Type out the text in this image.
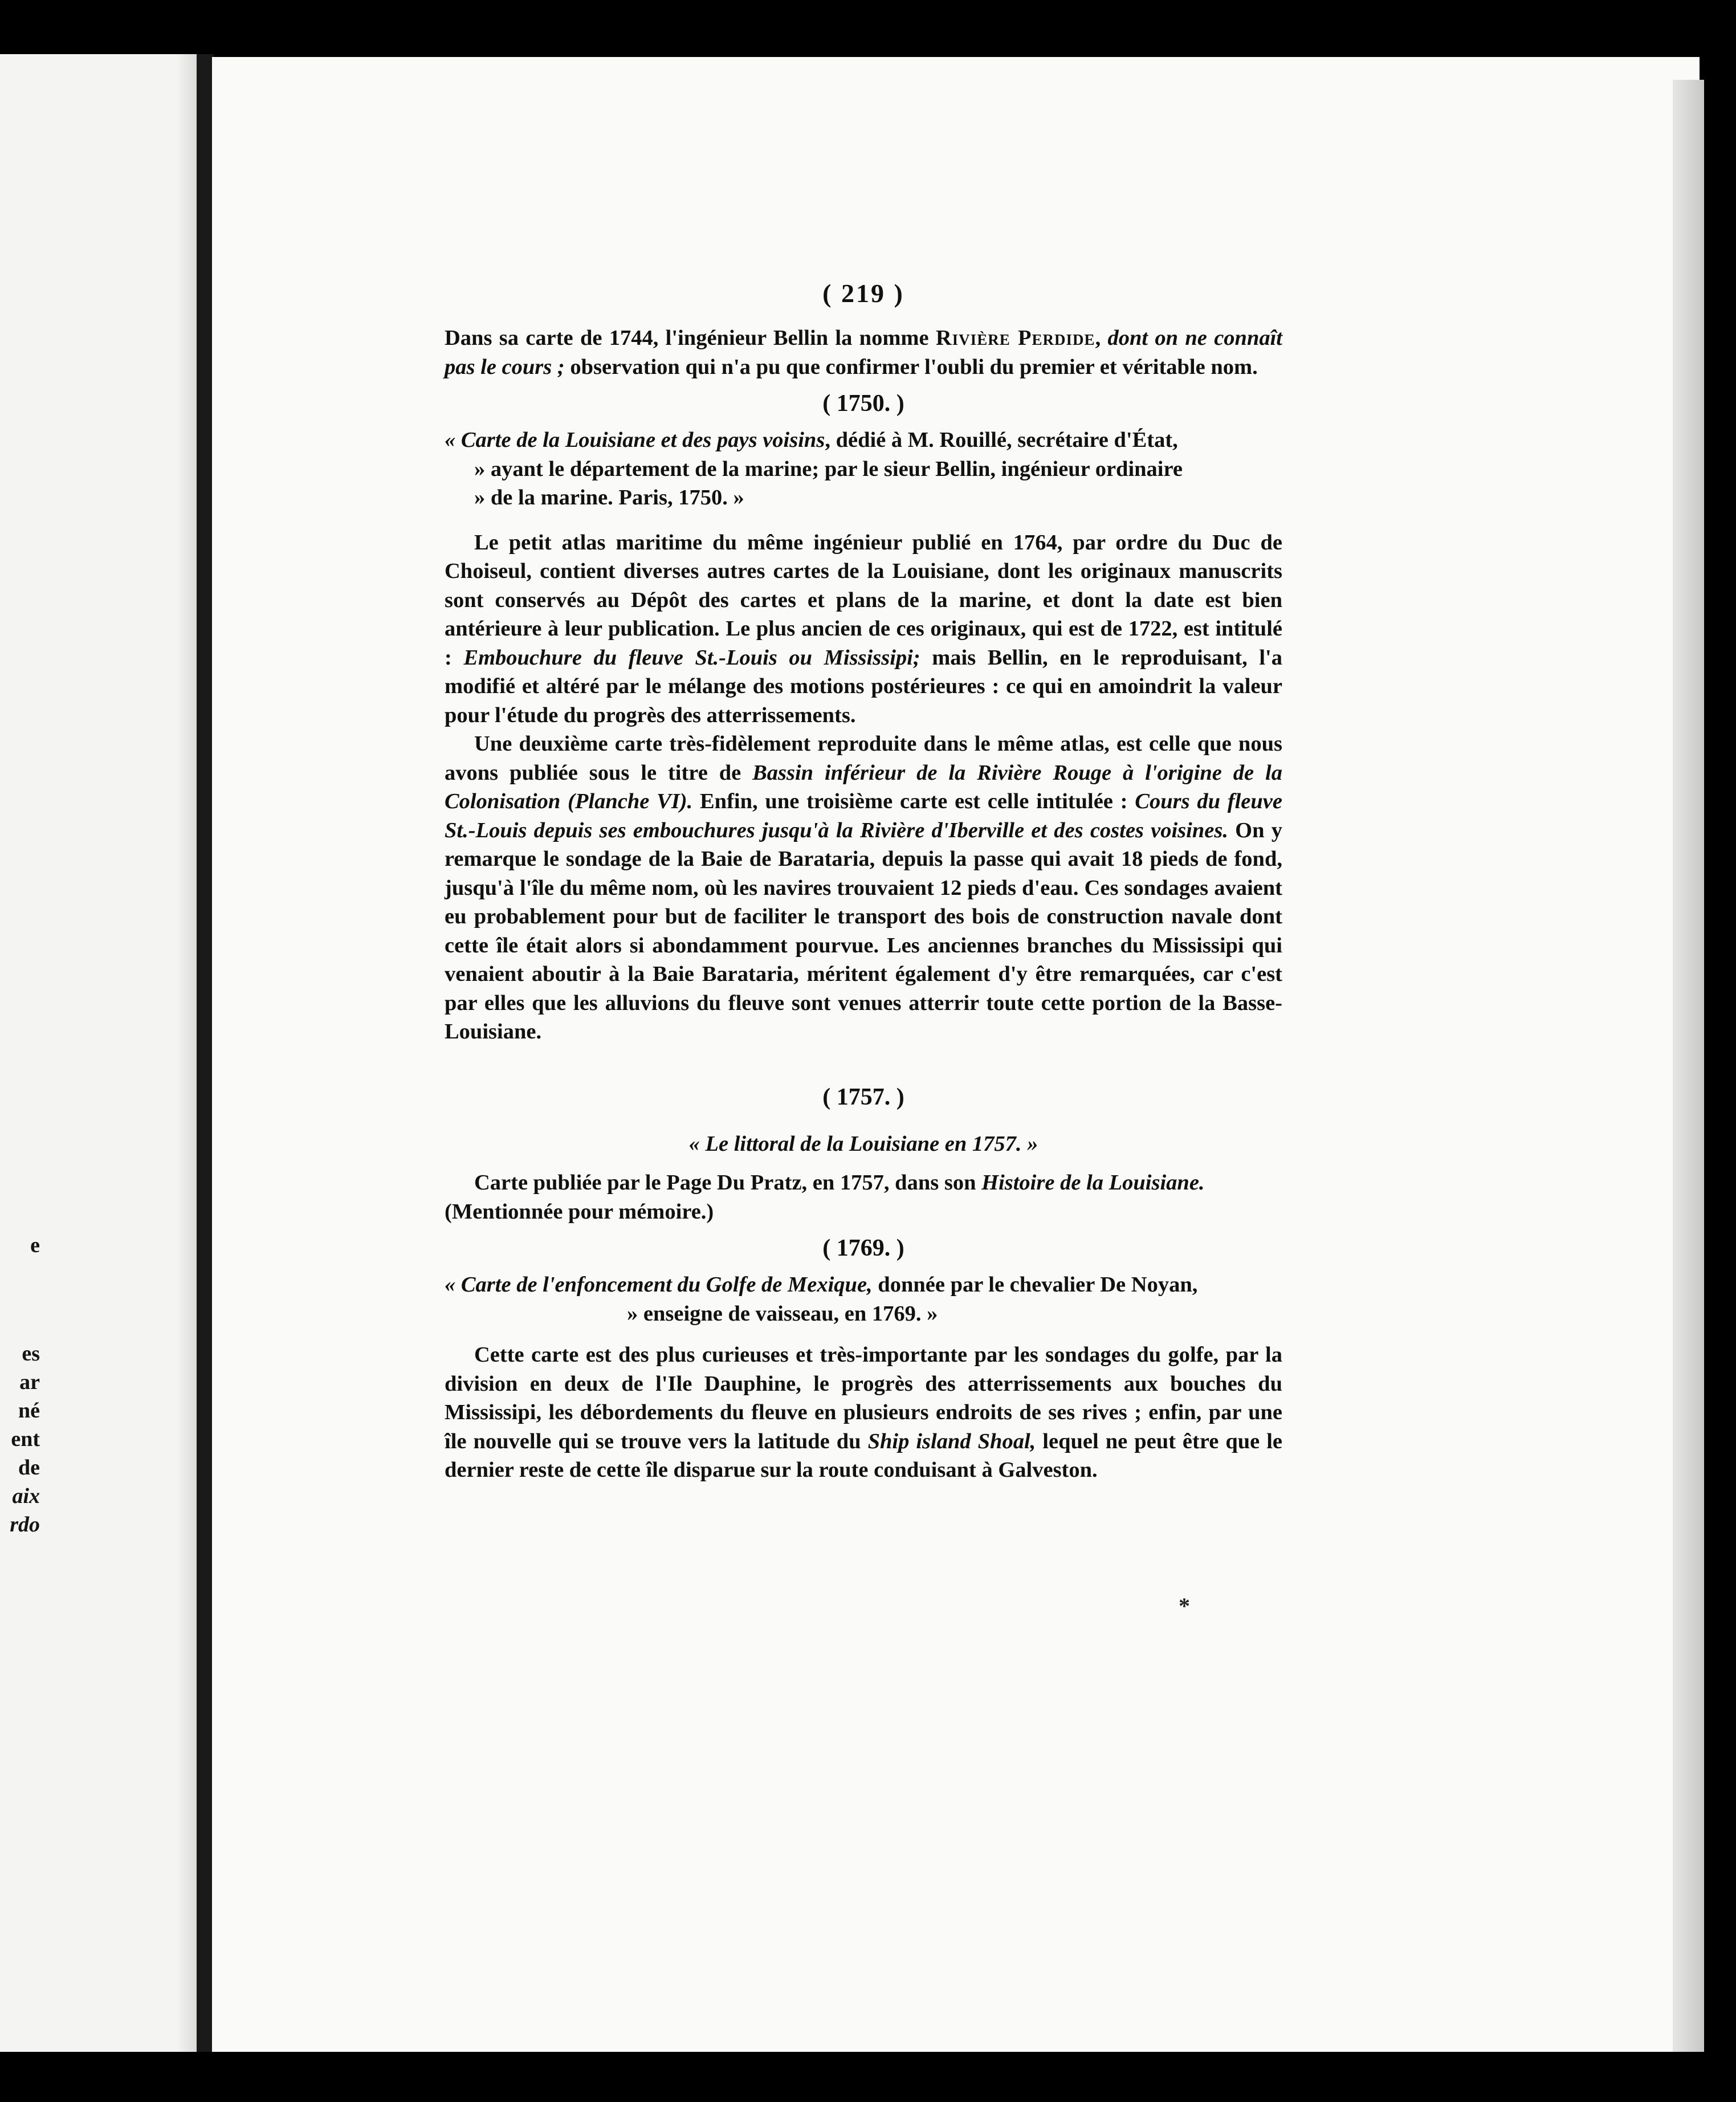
e
es
ar
né
ent
de
aix
rdo
( 219 )

Dans sa carte de 1744, l'ingénieur Bellin la nomme Rivière Perdide, dont on ne connaît pas le cours ; observation qui n'a pu que confirmer l'oubli du premier et véritable nom.

( 1750. )

« Carte de la Louisiane et des pays voisins, dédié à M. Rouillé, secrétaire d'État,

» ayant le département de la marine; par le sieur Bellin, ingénieur ordinaire

» de la marine. Paris, 1750. »

Le petit atlas maritime du même ingénieur publié en 1764, par ordre du Duc de Choiseul, contient diverses autres cartes de la Louisiane, dont les originaux manuscrits sont conservés au Dépôt des cartes et plans de la marine, et dont la date est bien antérieure à leur publication. Le plus ancien de ces originaux, qui est de 1722, est intitulé : Embouchure du fleuve St.-Louis ou Mississipi; mais Bellin, en le reproduisant, l'a modifié et altéré par le mélange des motions postérieures : ce qui en amoindrit la valeur pour l'étude du progrès des atterrissements.

Une deuxième carte très-fidèlement reproduite dans le même atlas, est celle que nous avons publiée sous le titre de Bassin inférieur de la Rivière Rouge à l'origine de la Colonisation (Planche VI). Enfin, une troisième carte est celle intitulée : Cours du fleuve St.-Louis depuis ses embouchures jusqu'à la Rivière d'Iberville et des costes voisines. On y remarque le sondage de la Baie de Barataria, depuis la passe qui avait 18 pieds de fond, jusqu'à l'île du même nom, où les navires trouvaient 12 pieds d'eau. Ces sondages avaient eu probablement pour but de faciliter le transport des bois de construction navale dont cette île était alors si abondamment pourvue. Les anciennes branches du Mississipi qui venaient aboutir à la Baie Barataria, méritent également d'y être remarquées, car c'est par elles que les alluvions du fleuve sont venues atterrir toute cette portion de la Basse-Louisiane.

( 1757. )
« Le littoral de la Louisiane en 1757. »

Carte publiée par le Page Du Pratz, en 1757, dans son Histoire de la Louisiane.

(Mentionnée pour mémoire.)

( 1769. )

« Carte de l'enfoncement du Golfe de Mexique, donnée par le chevalier De Noyan,

» enseigne de vaisseau, en 1769. »

Cette carte est des plus curieuses et très-importante par les sondages du golfe, par la division en deux de l'Ile Dauphine, le progrès des atterrissements aux bouches du Mississipi, les débordements du fleuve en plusieurs endroits de ses rives ; enfin, par une île nouvelle qui se trouve vers la latitude du Ship island Shoal, lequel ne peut être que le dernier reste de cette île disparue sur la route conduisant à Galveston.

*
